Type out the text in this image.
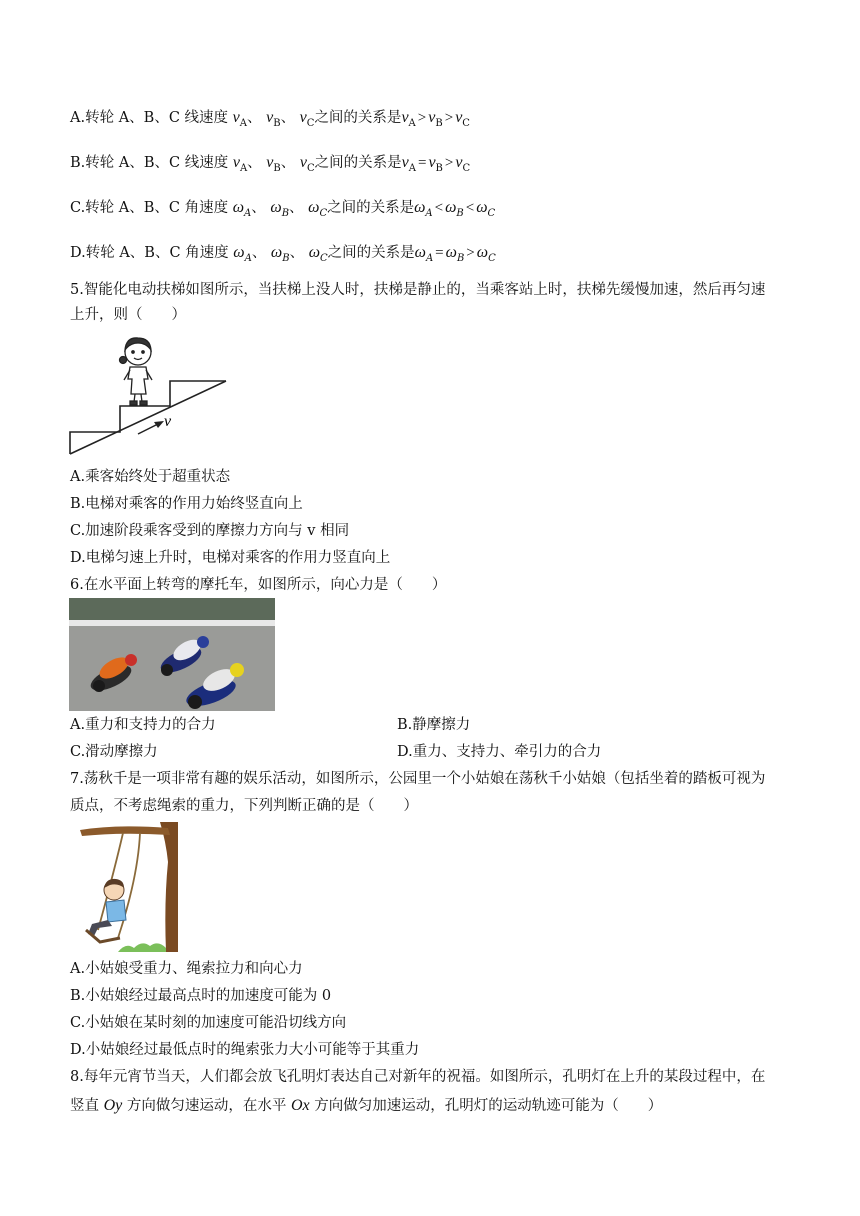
A.转轮 A、B、C 线速度 $v_A$、 $v_B$、 $v_C$之间的关系是$v_A > v_B > v_C$
B.转轮 A、B、C 线速度 $v_A$、 $v_B$、 $v_C$之间的关系是$v_A = v_B > v_C$
C.转轮 A、B、C 角速度 $\omega_A$、 $\omega_B$、 $\omega_C$之间的关系是$\omega_A < \omega_B < \omega_C$
D.转轮 A、B、C 角速度 $\omega_A$、 $\omega_B$、 $\omega_C$之间的关系是$\omega_A = \omega_B > \omega_C$
5.智能化电动扶梯如图所示，当扶梯上没人时，扶梯是静止的，当乘客站上时，扶梯先缓慢加速，然后再匀速
上升，则（　　）
v
A.乘客始终处于超重状态
B.电梯对乘客的作用力始终竖直向上
C.加速阶段乘客受到的摩擦力方向与 v 相同
D.电梯匀速上升时，电梯对乘客的作用力竖直向上
6.在水平面上转弯的摩托车，如图所示，向心力是（　　）
A.重力和支持力的合力	B.静摩擦力
C.滑动摩擦力	D.重力、支持力、牵引力的合力
7.荡秋千是一项非常有趣的娱乐活动，如图所示，公园里一个小姑娘在荡秋千小姑娘（包括坐着的踏板可视为
质点，不考虑绳索的重力，下列判断正确的是（　　）
A.小姑娘受重力、绳索拉力和向心力
B.小姑娘经过最高点时的加速度可能为 0
C.小姑娘在某时刻的加速度可能沿切线方向
D.小姑娘经过最低点时的绳索张力大小可能等于其重力
8.每年元宵节当天，人们都会放飞孔明灯表达自己对新年的祝福。如图所示，孔明灯在上升的某段过程中，在
竖直 Oy 方向做匀速运动，在水平 Ox 方向做匀加速运动，孔明灯的运动轨迹可能为（　　）
